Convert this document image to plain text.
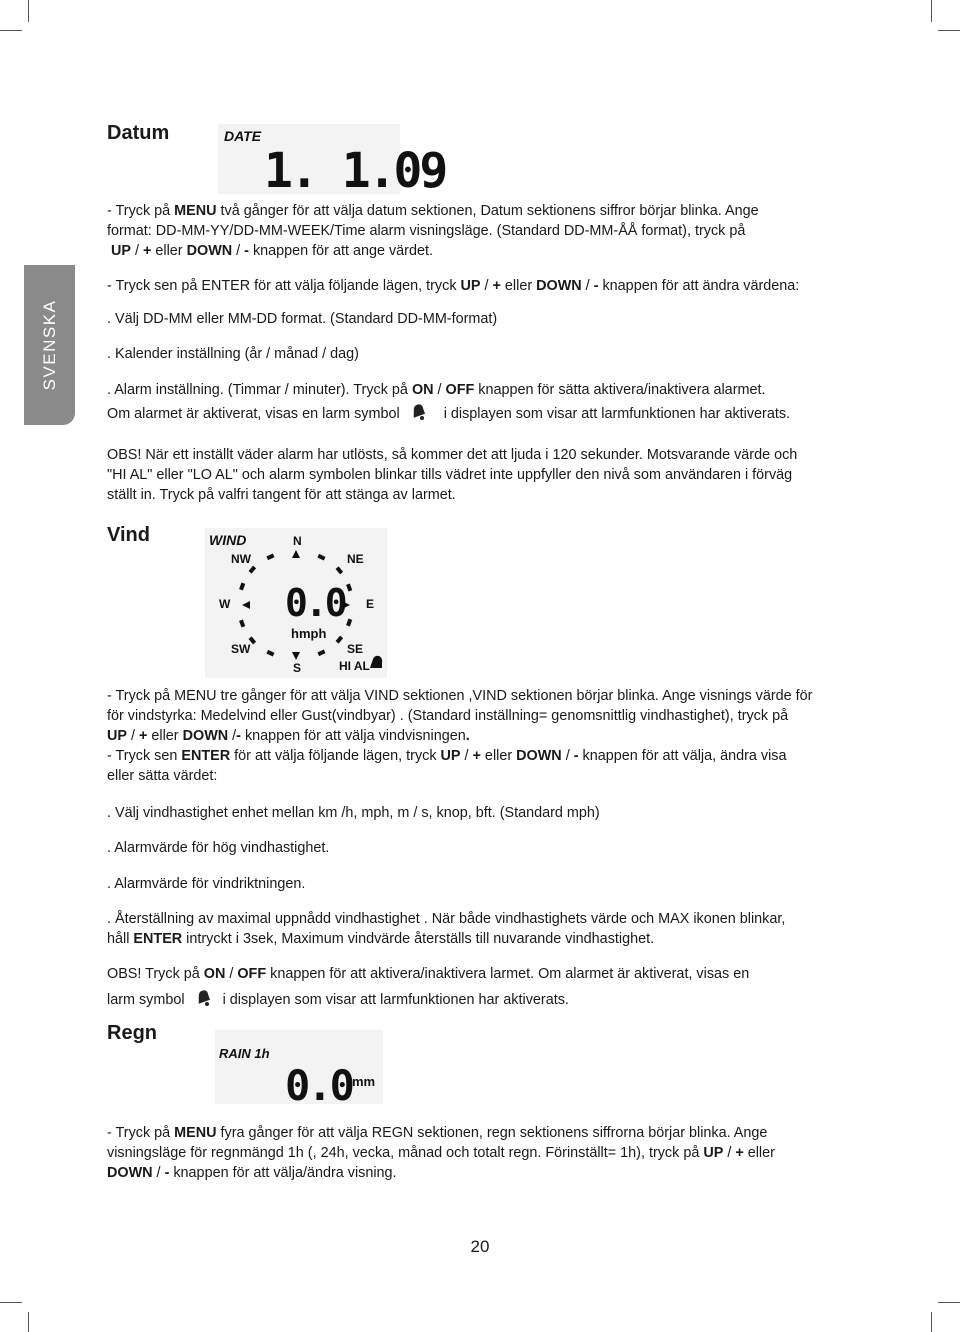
SVENSKA
Datum	DATE
1. 1.09

- Tryck på MENU två gånger för att välja datum sektionen, Datum sektionens siffror börjar blinka. Ange
format: DD-MM-YY/DD-MM-WEEK/Time alarm visningsläge. (Standard DD-MM-ÅÅ format), tryck på
UP / + eller DOWN / - knappen för att ange värdet.

- Tryck sen på ENTER för att välja följande lägen, tryck UP / + eller DOWN / - knappen för att ändra värdena:

. Välj DD-MM eller MM-DD format. (Standard DD-MM-format)

. Kalender inställning (år / månad / dag)

. Alarm inställning. (Timmar / minuter). Tryck på ON / OFF knappen för sätta aktivera/inaktivera alarmet.

Om alarmet är aktiverat, visas en larm symbol	i displayen som visar att larmfunktionen har aktiverats.

OBS! När ett inställt väder alarm har utlösts, så kommer det att ljuda i 120 sekunder. Motsvarande värde och
"HI AL" eller "LO AL" och alarm symbolen blinkar tills vädret inte uppfyller den nivå som användaren i förväg
ställt in. Tryck på valfri tangent för att stänga av larmet.

Vind	WIND	N
NW	NE
W	E
SW	SE
S
0.0
hmph
HI AL

- Tryck på MENU tre gånger för att välja VIND sektionen ,VIND sektionen börjar blinka. Ange visnings värde för
för vindstyrka: Medelvind eller Gust(vindbyar) . (Standard inställning= genomsnittlig vindhastighet), tryck på
UP / + eller DOWN /- knappen för att välja vindvisningen.
- Tryck sen ENTER för att välja följande lägen, tryck UP / + eller DOWN / - knappen för att välja, ändra visa
eller sätta värdet:

. Välj vindhastighet enhet mellan km /h, mph, m / s, knop, bft. (Standard mph)

. Alarmvärde för hög vindhastighet.

. Alarmvärde för vindriktningen.

. Återställning av maximal uppnådd vindhastighet . När både vindhastighets värde och MAX ikonen blinkar,
håll ENTER intryckt i 3sek, Maximum vindvärde återställs till nuvarande vindhastighet.

OBS! Tryck på ON / OFF knappen för att aktivera/inaktivera larmet. Om alarmet är aktiverat, visas en

larm symbol	i displayen som visar att larmfunktionen har aktiverats.

Regn
RAIN 1h
0.0 mm

- Tryck på MENU fyra gånger för att välja REGN sektionen, regn sektionens siffrorna börjar blinka. Ange
visningsläge för regnmängd 1h (, 24h, vecka, månad och totalt regn. Förinställt= 1h), tryck på UP / + eller
DOWN / - knappen för att välja/ändra visning.

20
